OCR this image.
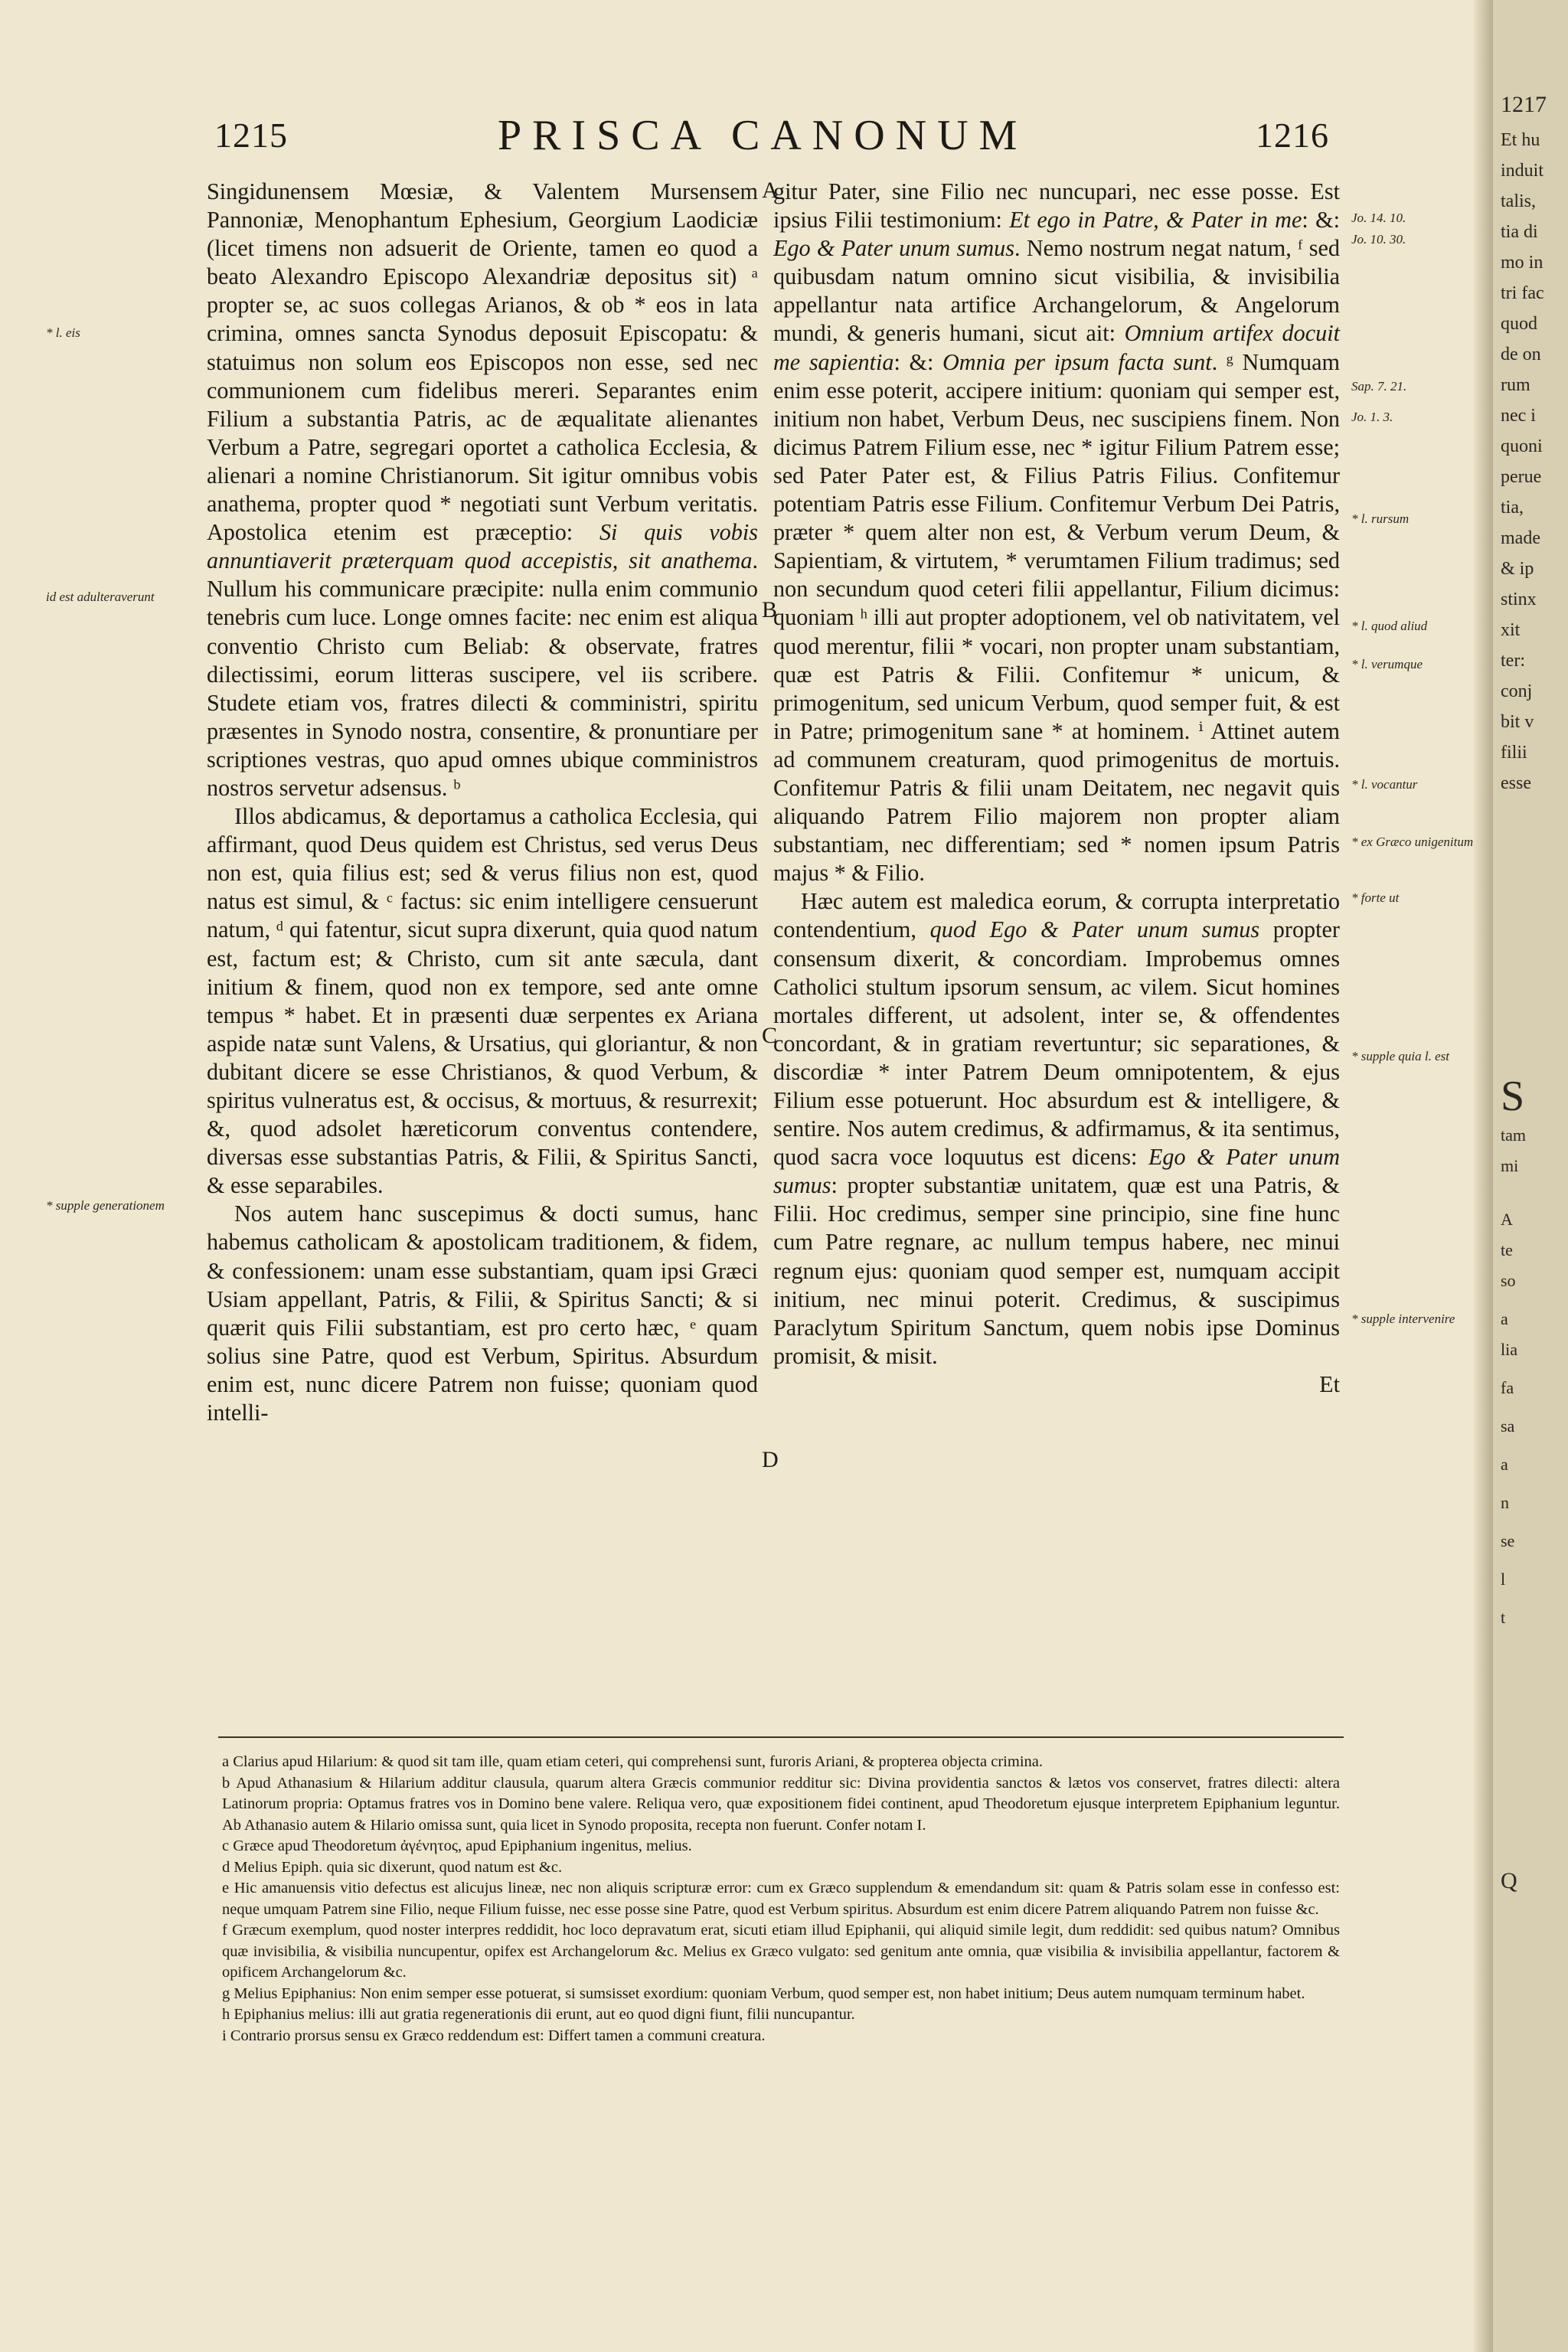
1215	PRISCA CANONUM	1216
A
B
C
D
* l. eis
id est adulteraverunt
* supple generationem
Jo. 14. 10.
Jo. 10. 30.
Sap. 7. 21.
Jo. 1. 3.
* l. rursum
* l. quod aliud
* l. verumque
* l. vocantur
* ex Græco unigenitum
* forte ut
* supple quia l. est
* supple intervenire

Singidunensem Mœsiæ, & Valentem Mursensem Pannoniæ, Menophantum Ephesium, Georgium Laodiciæ (licet timens non adsuerit de Oriente, tamen eo quod a beato Alexandro Episcopo Alexandriæ depositus sit) ᵃ propter se, ac suos collegas Arianos, & ob * eos in lata crimina, omnes sancta Synodus deposuit Episcopatu: & statuimus non solum eos Episcopos non esse, sed nec communionem cum fidelibus mereri. Separantes enim Filium a substantia Patris, ac de æqualitate alienantes Verbum a Patre, segregari oportet a catholica Ecclesia, & alienari a nomine Christianorum. Sit igitur omnibus vobis anathema, propter quod * negotiati sunt Verbum veritatis. Apostolica etenim est præceptio: Si quis vobis annuntiaverit præterquam quod accepistis, sit anathema. Nullum his communicare præcipite: nulla enim communio tenebris cum luce. Longe omnes facite: nec enim est aliqua conventio Christo cum Beliab: & observate, fratres dilectissimi, eorum litteras suscipere, vel iis scribere. Studete etiam vos, fratres dilecti & comministri, spiritu præsentes in Synodo nostra, consentire, & pronuntiare per scriptiones vestras, quo apud omnes ubique comministros nostros servetur adsensus. ᵇ

Illos abdicamus, & deportamus a catholica Ecclesia, qui affirmant, quod Deus quidem est Christus, sed verus Deus non est, quia filius est; sed & verus filius non est, quod natus est simul, & ᶜ factus: sic enim intelligere censuerunt natum, ᵈ qui fatentur, sicut supra dixerunt, quia quod natum est, factum est; & Christo, cum sit ante sæcula, dant initium & finem, quod non ex tempore, sed ante omne tempus * habet. Et in præsenti duæ serpentes ex Ariana aspide natæ sunt Valens, & Ursatius, qui gloriantur, & non dubitant dicere se esse Christianos, & quod Verbum, & spiritus vulneratus est, & occisus, & mortuus, & resurrexit; &, quod adsolet hæreticorum conventus contendere, diversas esse substantias Patris, & Filii, & Spiritus Sancti, & esse separabiles.

Nos autem hanc suscepimus & docti sumus, hanc habemus catholicam & apostolicam traditionem, & fidem, & confessionem: unam esse substantiam, quam ipsi Græci Usiam appellant, Patris, & Filii, & Spiritus Sancti; & si quærit quis Filii substantiam, est pro certo hæc, ᵉ quam solius sine Patre, quod est Verbum, Spiritus. Absurdum enim est, nunc dicere Patrem non fuisse; quoniam quod intelli-

gitur Pater, sine Filio nec nuncupari, nec esse posse. Est ipsius Filii testimonium: Et ego in Patre, & Pater in me: &: Ego & Pater unum sumus. Nemo nostrum negat natum, ᶠ sed quibusdam natum omnino sicut visibilia, & invisibilia appellantur nata artifice Archangelorum, & Angelorum mundi, & generis humani, sicut ait: Omnium artifex docuit me sapientia: &: Omnia per ipsum facta sunt. ᵍ Numquam enim esse poterit, accipere initium: quoniam qui semper est, initium non habet, Verbum Deus, nec suscipiens finem. Non dicimus Patrem Filium esse, nec * igitur Filium Patrem esse; sed Pater Pater est, & Filius Patris Filius. Confitemur potentiam Patris esse Filium. Confitemur Verbum Dei Patris, præter * quem alter non est, & Verbum verum Deum, & Sapientiam, & virtutem, * verumtamen Filium tradimus; sed non secundum quod ceteri filii appellantur, Filium dicimus: quoniam ʰ illi aut propter adoptionem, vel ob nativitatem, vel quod merentur, filii * vocari, non propter unam substantiam, quæ est Patris & Filii. Confitemur * unicum, & primogenitum, sed unicum Verbum, quod semper fuit, & est in Patre; primogenitum sane * at hominem. ⁱ Attinet autem ad communem creaturam, quod primogenitus de mortuis. Confitemur Patris & filii unam Deitatem, nec negavit quis aliquando Patrem Filio majorem non propter aliam substantiam, nec differentiam; sed * nomen ipsum Patris majus * & Filio.

Hæc autem est maledica eorum, & corrupta interpretatio contendentium, quod Ego & Pater unum sumus propter consensum dixerit, & concordiam. Improbemus omnes Catholici stultum ipsorum sensum, ac vilem. Sicut homines mortales different, ut adsolent, inter se, & offendentes concordant, & in gratiam revertuntur; sic separationes, & discordiæ * inter Patrem Deum omnipotentem, & ejus Filium esse potuerunt. Hoc absurdum est & intelligere, & sentire. Nos autem credimus, & adfirmamus, & ita sentimus, quod sacra voce loquutus est dicens: Ego & Pater unum sumus: propter substantiæ unitatem, quæ est una Patris, & Filii. Hoc credimus, semper sine principio, sine fine hunc cum Patre regnare, ac nullum tempus habere, nec minui regnum ejus: quoniam quod semper est, numquam accipit initium, nec minui poterit. Credimus, & suscipimus Paraclytum Spiritum Sanctum, quem nobis ipse Dominus promisit, & misit.

Et

a Clarius apud Hilarium: & quod sit tam ille, quam etiam ceteri, qui comprehensi sunt, furoris Ariani, & propterea objecta crimina.

b Apud Athanasium & Hilarium additur clausula, quarum altera Græcis communior redditur sic: Divina providentia sanctos & lætos vos conservet, fratres dilecti: altera Latinorum propria: Optamus fratres vos in Domino bene valere. Reliqua vero, quæ expositionem fidei continent, apud Theodoretum ejusque interpretem Epiphanium leguntur. Ab Athanasio autem & Hilario omissa sunt, quia licet in Synodo proposita, recepta non fuerunt. Confer notam I.

c Græce apud Theodoretum ἀγένητος, apud Epiphanium ingenitus, melius.

d Melius Epiph. quia sic dixerunt, quod natum est &c.

e Hic amanuensis vitio defectus est alicujus lineæ, nec non aliquis scripturæ error: cum ex Græco supplendum & emendandum sit: quam & Patris solam esse in confesso est: neque umquam Patrem sine Filio, neque Filium fuisse, nec esse posse sine Patre, quod est Verbum spiritus. Absurdum est enim dicere Patrem aliquando Patrem non fuisse &c.

f Græcum exemplum, quod noster interpres reddidit, hoc loco depravatum erat, sicuti etiam illud Epiphanii, qui aliquid simile legit, dum reddidit: sed quibus natum? Omnibus quæ invisibilia, & visibilia nuncupentur, opifex est Archangelorum &c. Melius ex Græco vulgato: sed genitum ante omnia, quæ visibilia & invisibilia appellantur, factorem & opificem Archangelorum &c.

g Melius Epiphanius: Non enim semper esse potuerat, si sumsisset exordium: quoniam Verbum, quod semper est, non habet initium; Deus autem numquam terminum habet.

h Epiphanius melius: illi aut gratia regenerationis dii erunt, aut eo quod digni fiunt, filii nuncupantur.

i Contrario prorsus sensu ex Græco reddendum est: Differt tamen a communi creatura.

1217
Et hu
induit
talis,
tia di
mo in
tri fac
quod
de on
rum
nec i
quoni
perue
tia,
made
& ip
stinx
xit
ter:
conj
bit v
filii
esse
S
tam
mi
A
te
so
a
lia
fa
sa
a
n
se
l
t
Q
